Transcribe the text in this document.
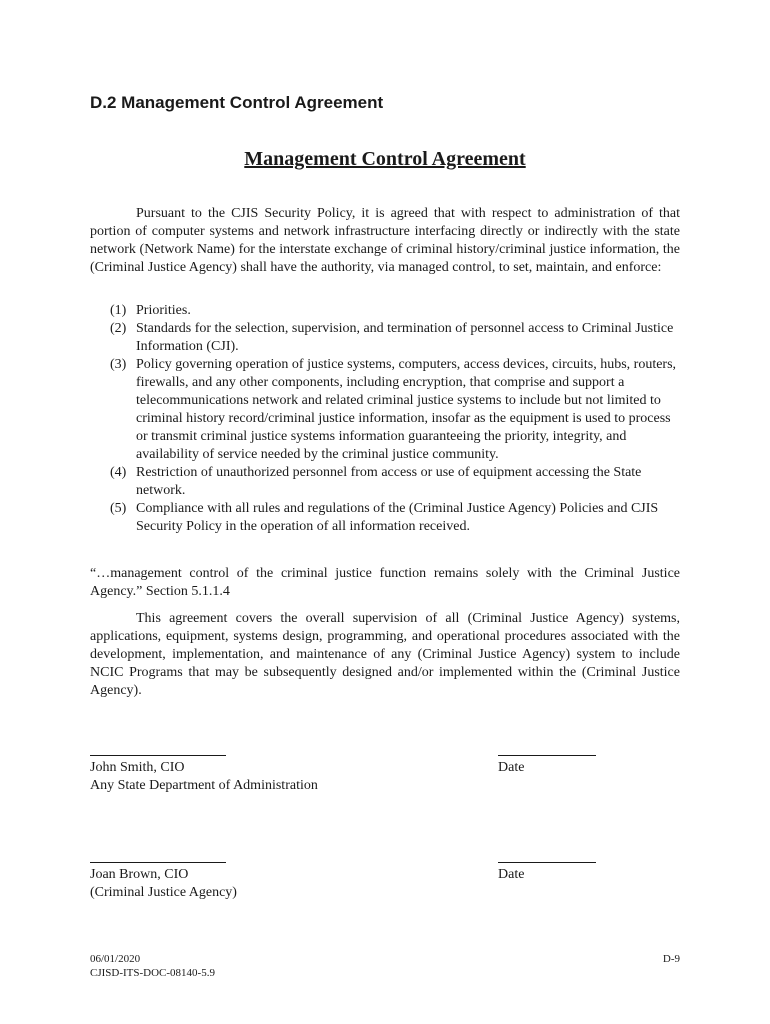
D.2 Management Control Agreement
Management Control Agreement

Pursuant to the CJIS Security Policy, it is agreed that with respect to administration of that portion of computer systems and network infrastructure interfacing directly or indirectly with the state network (Network Name) for the interstate exchange of criminal history/criminal justice information, the (Criminal Justice Agency) shall have the authority, via managed control, to set, maintain, and enforce:

(1) Priorities.
(2) Standards for the selection, supervision, and termination of personnel access to Criminal Justice Information (CJI).
(3) Policy governing operation of justice systems, computers, access devices, circuits, hubs, routers, firewalls, and any other components, including encryption, that comprise and support a telecommunications network and related criminal justice systems to include but not limited to criminal history record/criminal justice information, insofar as the equipment is used to process or transmit criminal justice systems information guaranteeing the priority, integrity, and availability of service needed by the criminal justice community.
(4) Restriction of unauthorized personnel from access or use of equipment accessing the State network.
(5) Compliance with all rules and regulations of the (Criminal Justice Agency) Policies and CJIS Security Policy in the operation of all information received.

“…management control of the criminal justice function remains solely with the Criminal Justice Agency.” Section 5.1.1.4

This agreement covers the overall supervision of all (Criminal Justice Agency) systems, applications, equipment, systems design, programming, and operational procedures associated with the development, implementation, and maintenance of any (Criminal Justice Agency) system to include NCIC Programs that may be subsequently designed and/or implemented within the (Criminal Justice Agency).

John Smith, CIO

Any State Department of Administration

Date

Joan Brown, CIO

(Criminal Justice Agency)

Date

06/01/2020

CJISD-ITS-DOC-08140-5.9

D-9
